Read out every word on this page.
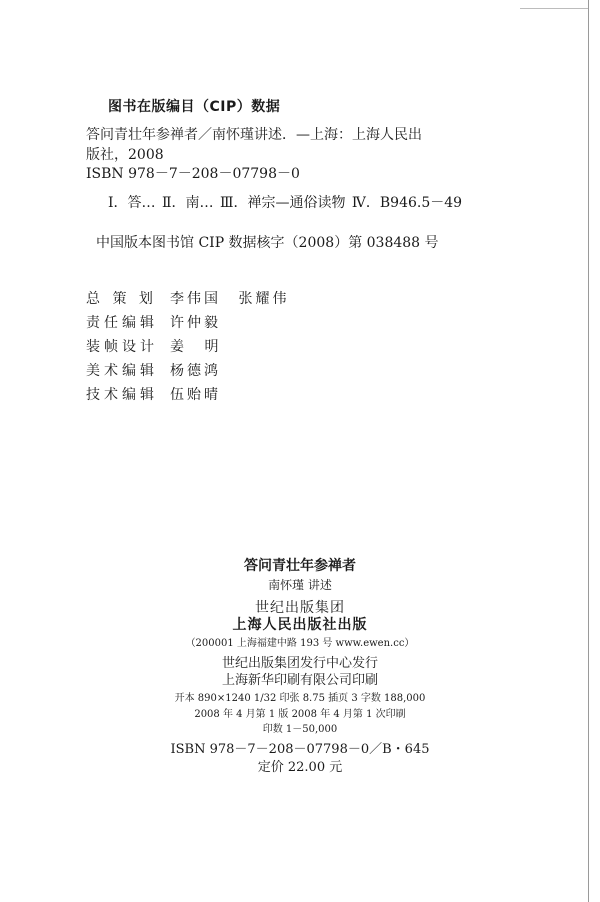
图书在版编目（CIP）数据
答问青壮年参禅者／南怀瑾讲述．—上海：上海人民出
版社，2008
ISBN 978－7－208－07798－0
Ⅰ．答… Ⅱ．南… Ⅲ．禅宗—通俗读物 Ⅳ．B946.5－49
中国版本图书馆 CIP 数据核字（2008）第 038488 号
总 策 划 李伟国 张耀伟
责任编辑 许仲毅
装帧设计 姜 明
美术编辑 杨德鸿
技术编辑 伍贻晴
答问青壮年参禅者
南怀瑾 讲述
世纪出版集团
上海人民出版社出版
（200001 上海福建中路 193 号 www.ewen.cc）
世纪出版集团发行中心发行
上海新华印刷有限公司印刷
开本 890×1240 1/32 印张 8.75 插页 3 字数 188,000
2008 年 4 月第 1 版 2008 年 4 月第 1 次印刷
印数 1－50,000
ISBN 978－7－208－07798－0／B・645
定价 22.00 元
